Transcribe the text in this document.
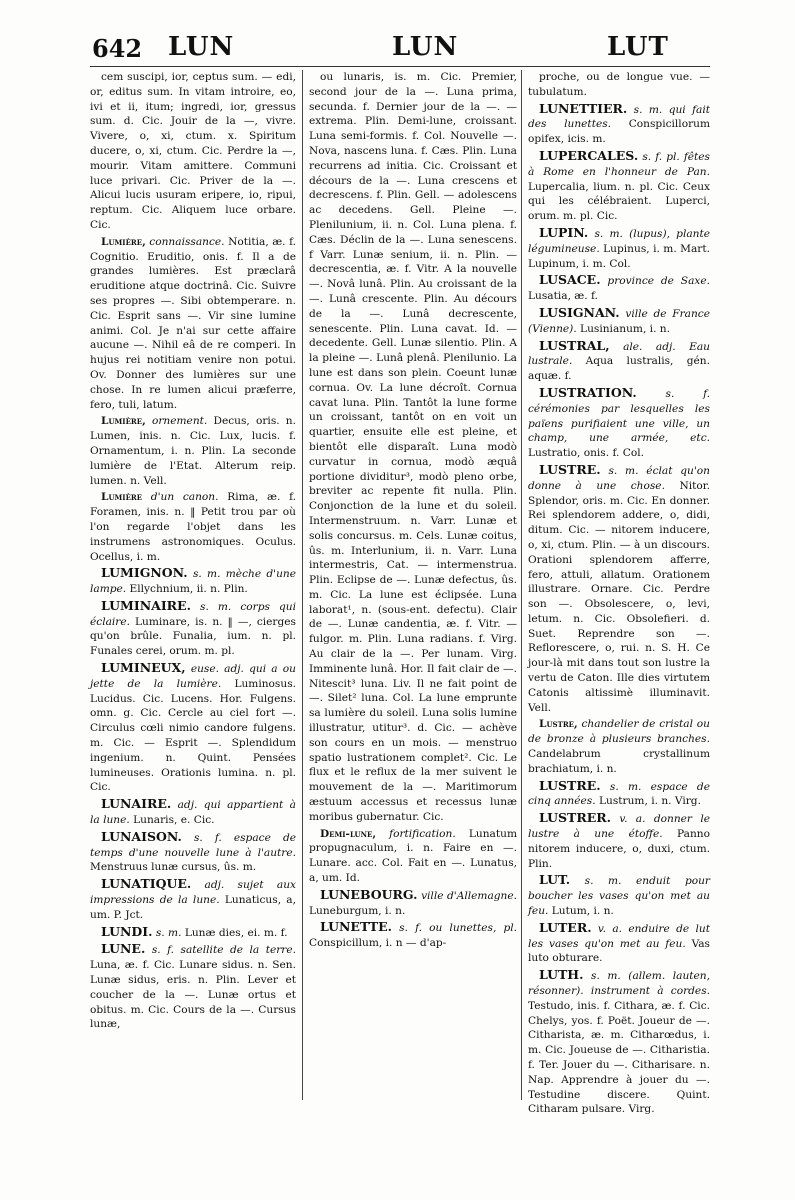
642 LUN	LUN	LUT

cem suscipi, ior, ceptus sum. — edi, or, editus sum. In vitam introire, eo, ivi et ii, itum; ingredi, ior, gressus sum. d. Cic. Jouir de la —, vivre. Vivere, o, xi, ctum. x. Spiritum ducere, o, xi, ctum. Cic. Perdre la —, mourir. Vitam amittere. Communi luce privari. Cic. Priver de la —. Alicui lucis usuram eripere, io, ripui, reptum. Cic. Aliquem luce orbare. Cic.

Lumière, connaissance. Notitia, æ. f. Cognitio. Eruditio, onis. f. Il a de grandes lumières. Est præclarâ eruditione atque doctrinâ. Cic. Suivre ses propres —. Sibi obtemperare. n. Cic. Esprit sans —. Vir sine lumine animi. Col. Je n'ai sur cette affaire aucune —. Nihil eâ de re comperi. In hujus rei notitiam venire non potui. Ov. Donner des lumières sur une chose. In re lumen alicui præferre, fero, tuli, latum.

Lumière, ornement. Decus, oris. n. Lumen, inis. n. Cic. Lux, lucis. f. Ornamentum, i. n. Plin. La seconde lumière de l'Etat. Alterum reip. lumen. n. Vell.

Lumière d'un canon. Rima, æ. f. Foramen, inis. n. ‖ Petit trou par où l'on regarde l'objet dans les instrumens astronomiques. Oculus. Ocellus, i. m.

LUMIGNON. s. m. mèche d'une lampe. Ellychnium, ii. n. Plin.

LUMINAIRE. s. m. corps qui éclaire. Luminare, is. n. ‖ —, cierges qu'on brûle. Funalia, ium. n. pl. Funales cerei, orum. m. pl.

LUMINEUX, euse. adj. qui a ou jette de la lumière. Luminosus. Lucidus. Cic. Lucens. Hor. Fulgens. omn. g. Cic. Cercle au ciel fort —. Circulus cœli nimio candore fulgens. m. Cic. — Esprit —. Splendidum ingenium. n. Quint. Pensées lumineuses. Orationis lumina. n. pl. Cic.

LUNAIRE. adj. qui appartient à la lune. Lunaris, e. Cic.

LUNAISON. s. f. espace de temps d'une nouvelle lune à l'autre. Menstruus lunæ cursus, ûs. m.

LUNATIQUE. adj. sujet aux impressions de la lune. Lunaticus, a, um. P. Jct.

LUNDI. s. m. Lunæ dies, ei. m. f.

LUNE. s. f. satellite de la terre. Luna, æ. f. Cic. Lunare sidus. n. Sen. Lunæ sidus, eris. n. Plin. Lever et coucher de la —. Lunæ ortus et obitus. m. Cic. Cours de la —. Cursus lunæ,

ou lunaris, is. m. Cic. Premier, second jour de la —. Luna prima, secunda. f. Dernier jour de la —. — extrema. Plin. Demi-lune, croissant. Luna semi-formis. f. Col. Nouvelle —. Nova, nascens luna. f. Cæs. Plin. Luna recurrens ad initia. Cic. Croissant et décours de la —. Luna crescens et decrescens. f. Plin. Gell. — adolescens ac decedens. Gell. Pleine —. Plenilunium, ii. n. Col. Luna plena. f. Cæs. Déclin de la —. Luna senescens. f Varr. Lunæ senium, ii. n. Plin. — decrescentia, æ. f. Vitr. A la nouvelle —. Novâ lunâ. Plin. Au croissant de la —. Lunâ crescente. Plin. Au décours de la —. Lunâ decrescente, senescente. Plin. Luna cavat. Id. — decedente. Gell. Lunæ silentio. Plin. A la pleine —. Lunâ plenâ. Plenilunio. La lune est dans son plein. Coeunt lunæ cornua. Ov. La lune décroît. Cornua cavat luna. Plin. Tantôt la lune forme un croissant, tantôt on en voit un quartier, ensuite elle est pleine, et bientôt elle disparaît. Luna modò curvatur in cornua, modò æquâ portione dividitur³, modò pleno orbe, breviter ac repente fit nulla. Plin. Conjonction de la lune et du soleil. Intermenstruum. n. Varr. Lunæ et solis concursus. m. Cels. Lunæ coitus, ûs. m. Interlunium, ii. n. Varr. Luna intermestris, Cat. — intermenstrua. Plin. Eclipse de —. Lunæ defectus, ûs. m. Cic. La lune est éclipsée. Luna laborat¹, n. (sous-ent. defectu). Clair de —. Lunæ candentia, æ. f. Vitr. — fulgor. m. Plin. Luna radians. f. Virg. Au clair de la —. Per lunam. Virg. Imminente lunâ. Hor. Il fait clair de —. Nitescit³ luna. Liv. Il ne fait point de —. Silet² luna. Col. La lune emprunte sa lumière du soleil. Luna solis lumine illustratur, utitur³. d. Cic. — achève son cours en un mois. — menstruo spatio lustrationem complet². Cic. Le flux et le reflux de la mer suivent le mouvement de la —. Maritimorum æstuum accessus et recessus lunæ moribus gubernatur. Cic.

Demi-lune, fortification. Lunatum propugnaculum, i. n. Faire en —. Lunare. acc. Col. Fait en —. Lunatus, a, um. Id.

LUNEBOURG. ville d'Allemagne. Luneburgum, i. n.

LUNETTE. s. f. ou lunettes, pl. Conspicillum, i. n — d'ap-

proche, ou de longue vue. — tubulatum.

LUNETTIER. s. m. qui fait des lunettes. Conspicillorum opifex, icis. m.

LUPERCALES. s. f. pl. fêtes à Rome en l'honneur de Pan. Lupercalia, lium. n. pl. Cic. Ceux qui les célébraient. Luperci, orum. m. pl. Cic.

LUPIN. s. m. (lupus), plante légumineuse. Lupinus, i. m. Mart. Lupinum, i. m. Col.

LUSACE. province de Saxe. Lusatia, æ. f.

LUSIGNAN. ville de France (Vienne). Lusinianum, i. n.

LUSTRAL, ale. adj. Eau lustrale. Aqua lustralis, gén. aquæ. f.

LUSTRATION.	s. f. cérémonies par lesquelles les païens purifiaient une ville, un champ, une armée, etc. Lustratio, onis. f. Col.

LUSTRE. s. m. éclat qu'on donne à une chose. Nitor. Splendor, oris. m. Cic. En donner. Rei splendorem addere, o, didi, ditum. Cic. — nitorem inducere, o, xi, ctum. Plin. — à un discours. Orationi splendorem afferre, fero, attuli, allatum. Orationem illustrare. Ornare. Cic. Perdre son —. Obsolescere, o, levi, letum. n. Cic. Obsolefieri. d. Suet. Reprendre son —. Reflorescere, o, rui. n. S. H. Ce jour-là mit dans tout son lustre la vertu de Caton. Ille dies virtutem Catonis altissimè illuminavit. Vell.

Lustre, chandelier de cristal ou de bronze à plusieurs branches. Candelabrum crystallinum brachiatum, i. n.

LUSTRE. s. m. espace de cinq années. Lustrum, i. n. Virg.

LUSTRER. v. a. donner le lustre à une étoffe. Panno nitorem inducere, o, duxi, ctum. Plin.

LUT. s. m. enduit pour boucher les vases qu'on met au feu. Lutum, i. n.

LUTER. v. a. enduire de lut les vases qu'on met au feu. Vas luto obturare.

LUTH. s. m. (allem. lauten, résonner). instrument à cordes. Testudo, inis. f. Cithara, æ. f. Cic. Chelys, yos. f. Poët. Joueur de —. Citharista, æ. m. Citharœdus, i. m. Cic. Joueuse de —. Citharistia. f. Ter. Jouer du —. Citharisare. n. Nap. Apprendre à jouer du —. Testudine discere. Quint. Citharam pulsare. Virg.
